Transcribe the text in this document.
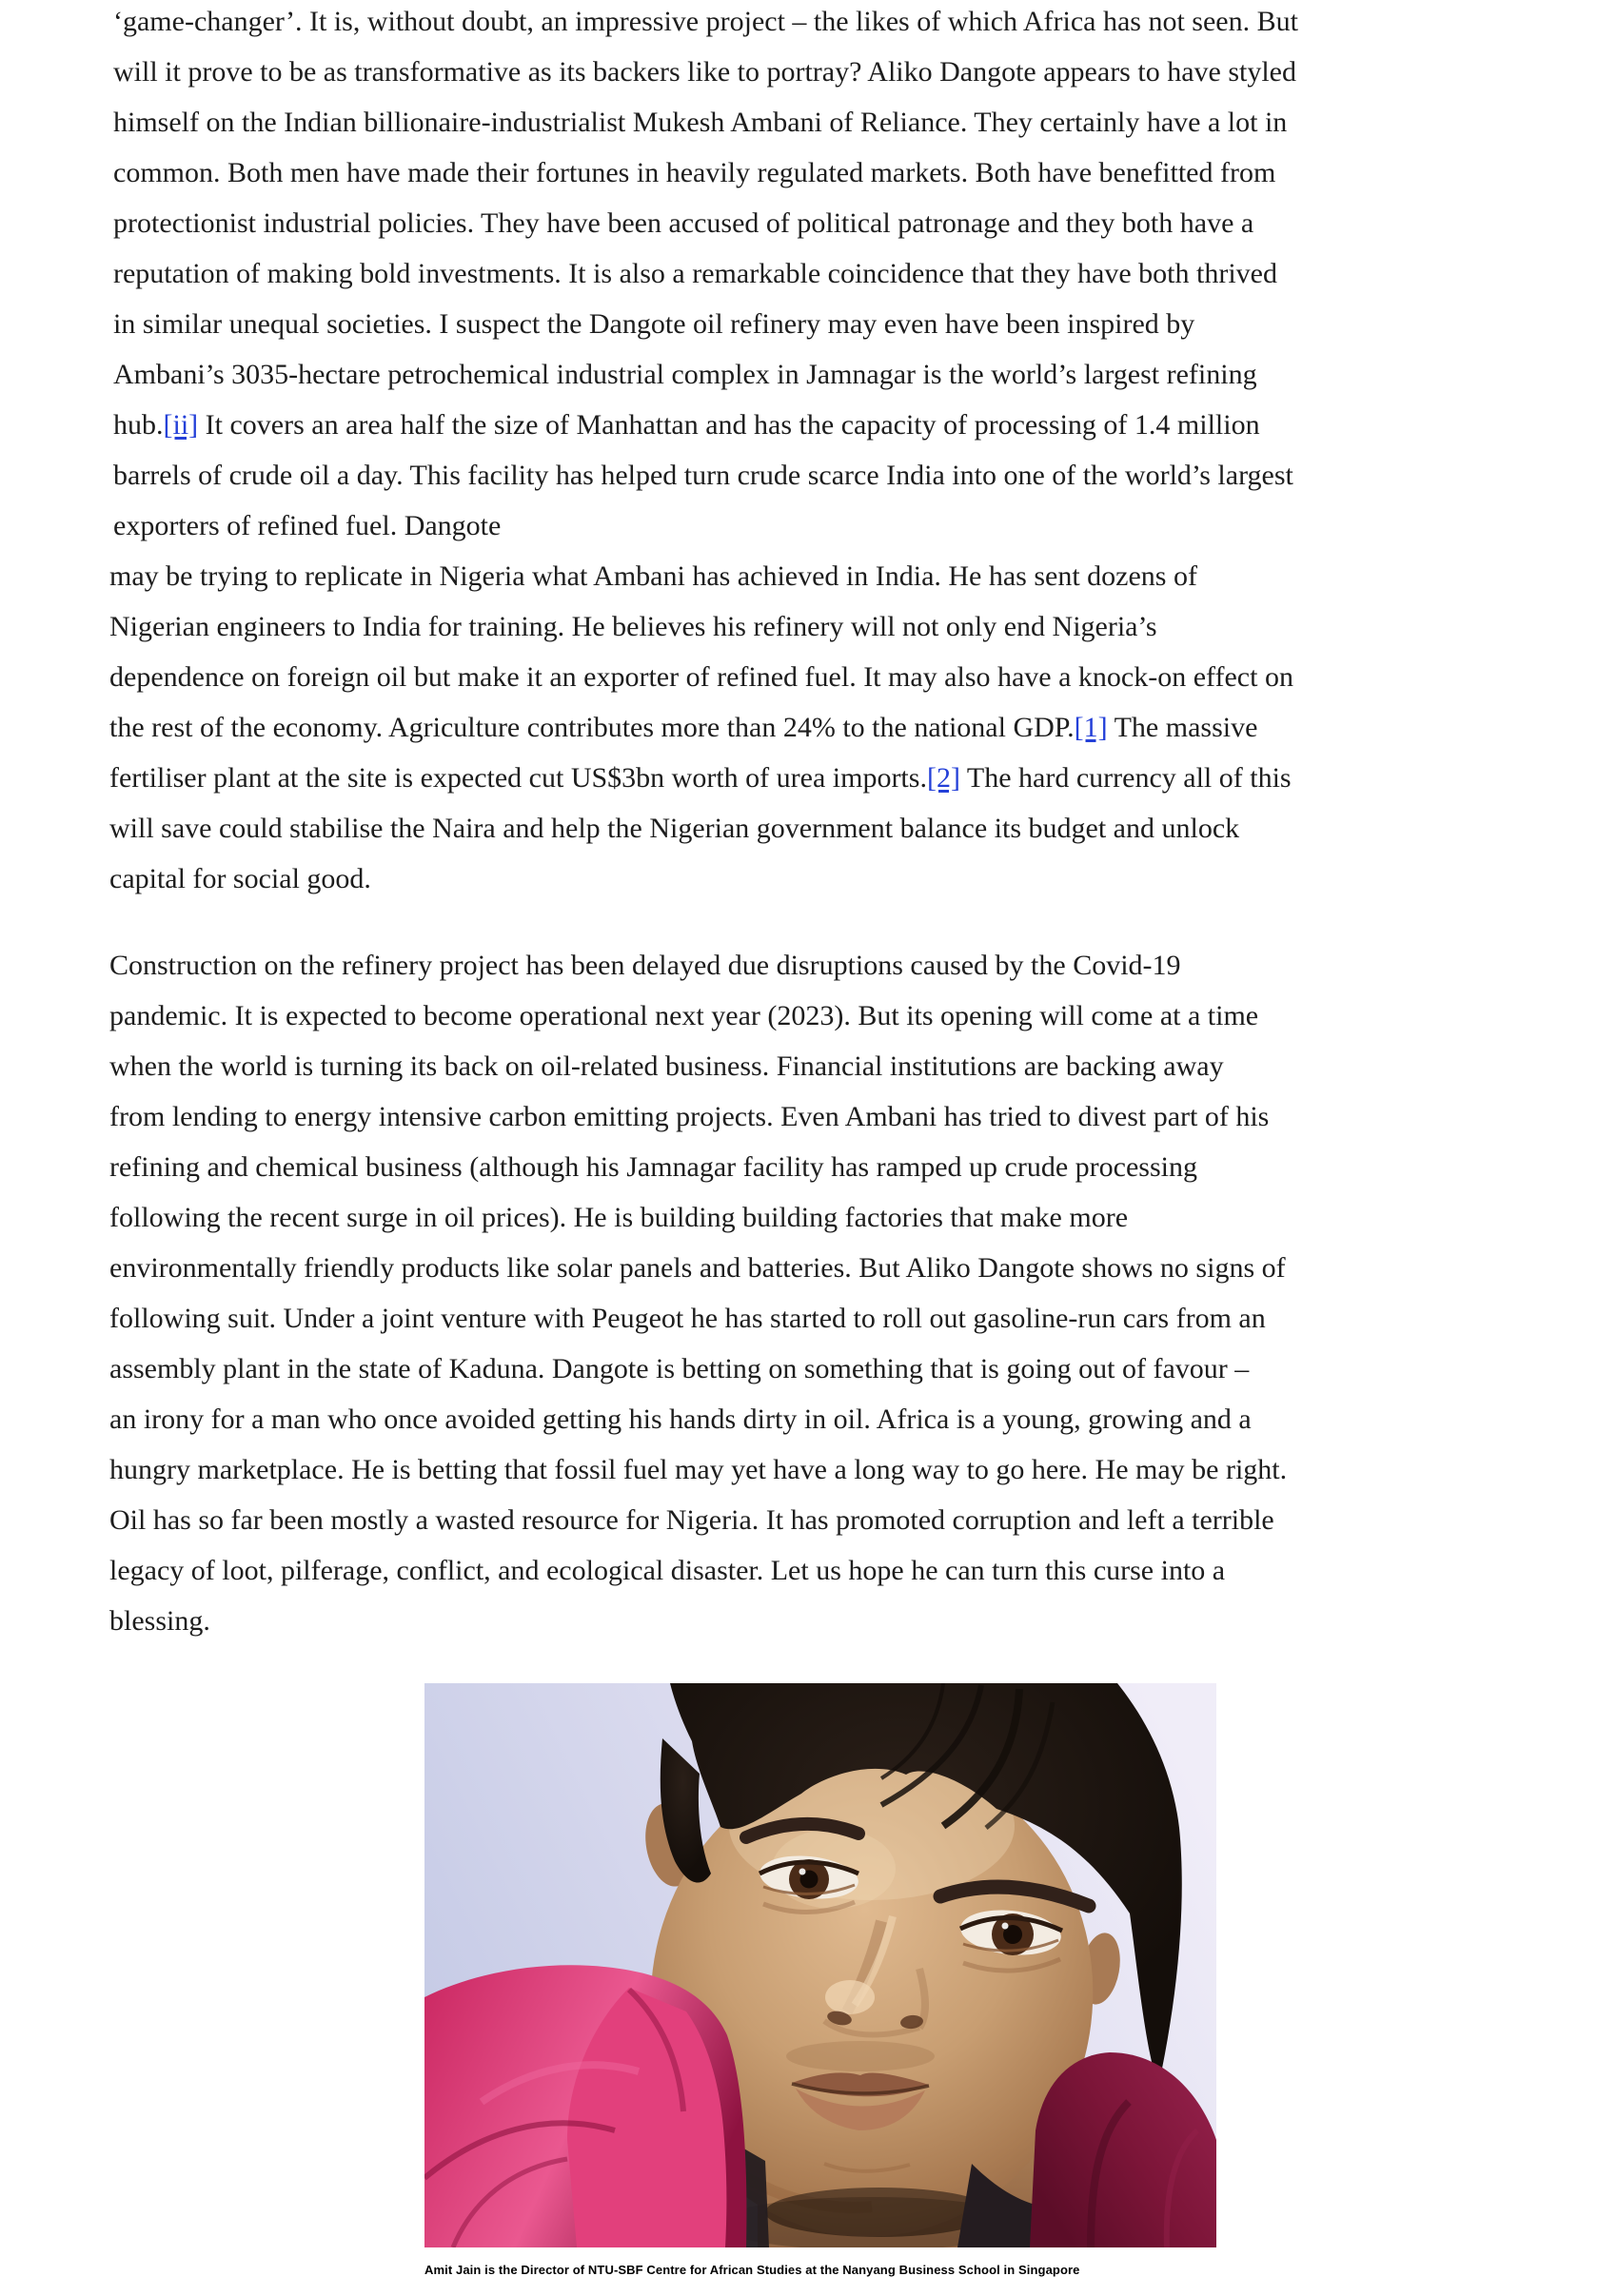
‘game-changer’. It is, without doubt, an impressive project – the likes of which Africa has not seen. But
will it prove to be as transformative as its backers like to portray? Aliko Dangote appears to have styled
himself on the Indian billionaire-industrialist Mukesh Ambani of Reliance. They certainly have a lot in
common. Both men have made their fortunes in heavily regulated markets. Both have benefitted from
protectionist industrial policies. They have been accused of political patronage and they both have a
reputation of making bold investments. It is also a remarkable coincidence that they have both thrived
in similar unequal societies. I suspect the Dangote oil refinery may even have been inspired by
Ambani’s 3035-hectare petrochemical industrial complex in Jamnagar is the world’s largest refining
hub.[ii] It covers an area half the size of Manhattan and has the capacity of processing of 1.4 million
barrels of crude oil a day. This facility has helped turn crude scarce India into one of the world’s largest
exporters of refined fuel. Dangote
may be trying to replicate in Nigeria what Ambani has achieved in India. He has sent dozens of
Nigerian engineers to India for training. He believes his refinery will not only end Nigeria’s
dependence on foreign oil but make it an exporter of refined fuel. It may also have a knock-on effect on
the rest of the economy. Agriculture contributes more than 24% to the national GDP.[1] The massive
fertiliser plant at the site is expected cut US$3bn worth of urea imports.[2] The hard currency all of this
will save could stabilise the Naira and help the Nigerian government balance its budget and unlock
capital for social good.
Construction on the refinery project has been delayed due disruptions caused by the Covid-19
pandemic. It is expected to become operational next year (2023). But its opening will come at a time
when the world is turning its back on oil-related business. Financial institutions are backing away
from lending to energy intensive carbon emitting projects. Even Ambani has tried to divest part of his
refining and chemical business (although his Jamnagar facility has ramped up crude processing
following the recent surge in oil prices). He is building building factories that make more
environmentally friendly products like solar panels and batteries. But Aliko Dangote shows no signs of
following suit. Under a joint venture with Peugeot he has started to roll out gasoline-run cars from an
assembly plant in the state of Kaduna. Dangote is betting on something that is going out of favour –
an irony for a man who once avoided getting his hands dirty in oil. Africa is a young, growing and a
hungry marketplace. He is betting that fossil fuel may yet have a long way to go here. He may be right.
Oil has so far been mostly a wasted resource for Nigeria. It has promoted corruption and left a terrible
legacy of loot, pilferage, conflict, and ecological disaster. Let us hope he can turn this curse into a
blessing.
Amit Jain is the Director of NTU-SBF Centre for African Studies at the Nanyang Business School in Singapore
